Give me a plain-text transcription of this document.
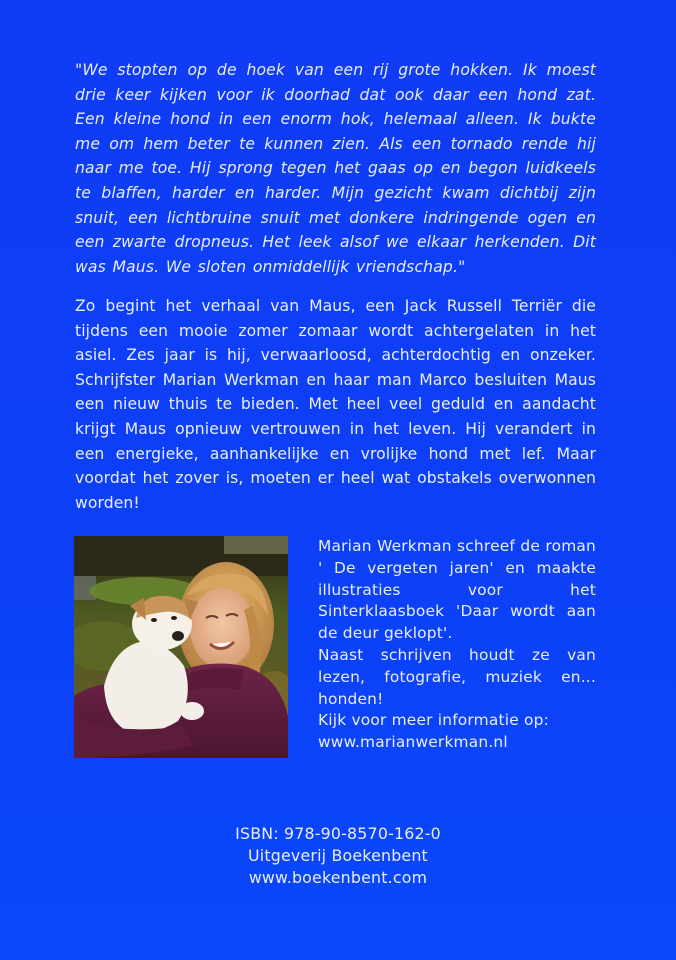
"We stopten op de hoek van een rij grote hokken. Ik moest drie keer kijken voor ik doorhad dat ook daar een hond zat. Een kleine hond in een enorm hok, helemaal alleen. Ik bukte me om hem beter te kunnen zien. Als een tornado rende hij naar me toe. Hij sprong tegen het gaas op en begon luidkeels te blaffen, harder en harder. Mijn gezicht kwam dichtbij zijn snuit, een lichtbruine snuit met donkere indringende ogen en een zwarte dropneus. Het leek alsof we elkaar herkenden. Dit was Maus. We sloten onmiddellijk vriendschap."

Zo begint het verhaal van Maus, een Jack Russell Terriër die tijdens een mooie zomer zomaar wordt achtergelaten in het asiel. Zes jaar is hij, verwaarloosd, achterdochtig en onzeker. Schrijfster Marian Werkman en haar man Marco besluiten Maus een nieuw thuis te bieden. Met heel veel geduld en aandacht krijgt Maus opnieuw vertrouwen in het leven. Hij verandert in een energieke, aanhankelijke en vrolijke hond met lef. Maar voordat het zover is, moeten er heel wat obstakels overwonnen worden!

Marian Werkman schreef de roman ' De vergeten jaren' en maakte illustraties voor het Sinterklaasboek 'Daar wordt aan de deur geklopt'.

Naast schrijven houdt ze van lezen, fotografie, muziek en... honden!

Kijk voor meer informatie op:
www.marianwerkman.nl
ISBN: 978-90-8570-162-0
Uitgeverij Boekenbent
www.boekenbent.com
